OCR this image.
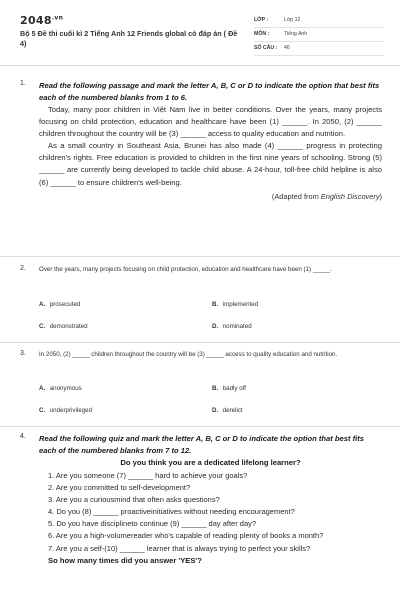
$2048^{.vn}$
Bộ 5 Đề thi cuối kì 2 Tiếng Anh 12 Friends global có đáp án ( Đề 4)
LỚP :	Lớp 12
MÔN :	Tiếng Anh
SỐ CÂU : 46
1. Read the following passage and mark the letter A, B, C or D to indicate the option that best fits each of the numbered blanks from 1 to 6.
Today, many poor children in Việt Nam live in better conditions. Over the years, many projects focusing on child protection, education and healthcare have been (1) ______. In 2050, (2) ______ children throughout the country will be (3) ______ access to quality education and nutrition.
As a small country in Southeast Asia, Brunei has also made (4) ______ progress in protecting children's rights. Free education is provided to children in the first nine years of schooling. Strong (5) ______ are currently being developed to tackle child abuse. A 24-hour, toll-free child helpline is also (6) ______ to ensure children's well-being.
(Adapted from English Discovery)
2. Over the years, many projects focusing on child protection, education and healthcare have been (1) _____.
A. prosecuted	B. implemented
C. demonstrated	D. nominated
3. In 2050, (2) _____ children throughout the country will be (3) _____ access to quality education and nutrition.
A. anonymous	B. badly off
C. underprivileged	D. derelict
4. Read the following quiz and mark the letter A, B, C or D to indicate the option that best fits each of the numbered blanks from 7 to 12.
Do you think you are a dedicated lifelong learner?
1. Are you someone (7) ______ hard to achieve your goals?
2. Are you committed to self-development?
3. Are you a curiousmind that often asks questions?
4. Do you (8) ______ proactiveinitiatives without needing encouragement?
5. Do you have disciplineto continue (9) ______ day after day?
6. Are you a high-volumereader who's capable of reading plenty of books a month?
7. Are you a self-(10) ______ learner that is always trying to perfect your skills?
So how many times did you answer 'YES'?
